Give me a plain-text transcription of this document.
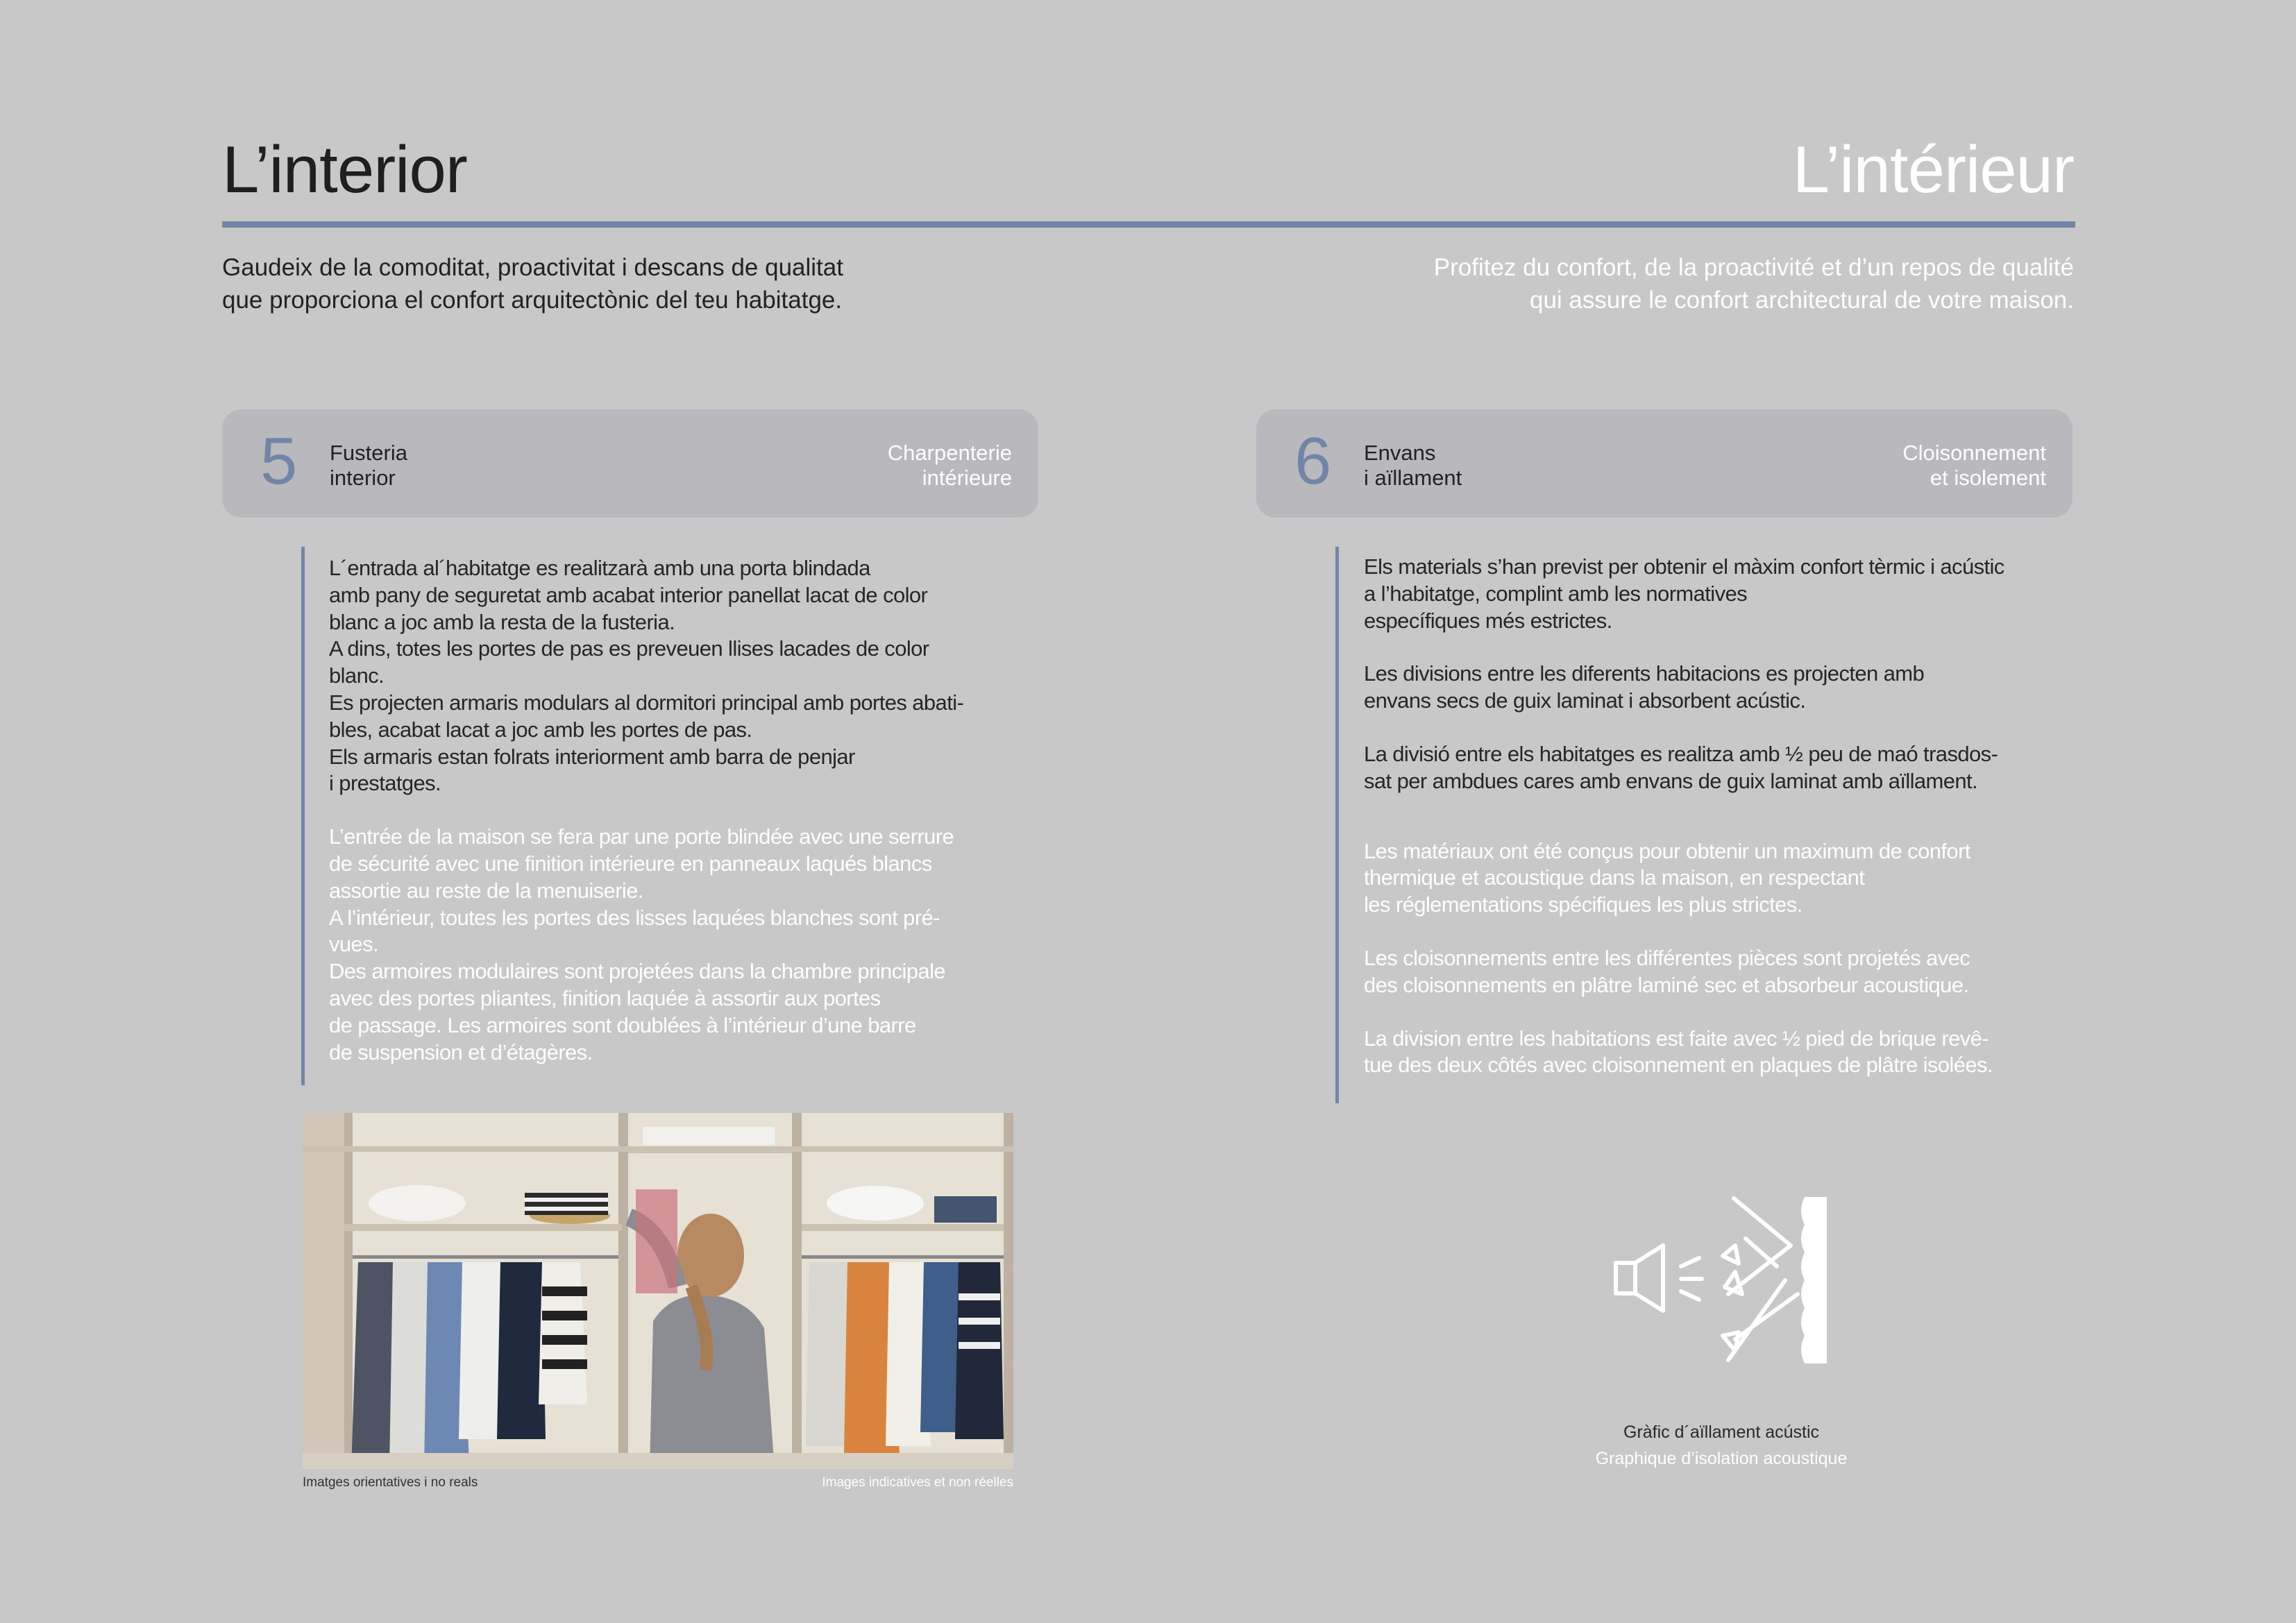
L’interior	L’intérieur
Gaudeix de la comoditat, proactivitat i descans de qualitat
que proporciona el confort arquitectònic del teu habitatge.
Profitez du confort, de la proactivité et d’un repos de qualité
qui assure le confort architectural de votre maison.
5 Fusteria
interior
Charpenterie
intérieure	6 Envans
i aïllament
Cloisonnement
et isolement

L´entrada al´habitatge es realitzarà amb una porta blindada
amb pany de seguretat amb acabat interior panellat lacat de color
blanc a joc amb la resta de la fusteria.
A dins, totes les portes de pas es preveuen llises lacades de color
blanc.
Es projecten armaris modulars al dormitori principal amb portes abati-
bles, acabat lacat a joc amb les portes de pas.
Els armaris estan folrats interiorment amb barra de penjar
i prestatges.

L’entrée de la maison se fera par une porte blindée avec une serrure
de sécurité avec une finition intérieure en panneaux laqués blancs
assortie au reste de la menuiserie.
A l’intérieur, toutes les portes des lisses laquées blanches sont pré-
vues.
Des armoires modulaires sont projetées dans la chambre principale
avec des portes pliantes, finition laquée à assortir aux portes
de passage. Les armoires sont doublées à l’intérieur d’une barre
de suspension et d’étagères.

Imatges orientatives i no reals	Images indicatives et non réelles

Els materials s’han previst per obtenir el màxim confort tèrmic i acústic
a l’habitatge, complint amb les normatives
específiques més estrictes.

Les divisions entre les diferents habitacions es projecten amb
envans secs de guix laminat i absorbent acústic.

La divisió entre els habitatges es realitza amb ½ peu de maó trasdos-
sat per ambdues cares amb envans de guix laminat amb aïllament.

Les matériaux ont été conçus pour obtenir un maximum de confort
thermique et acoustique dans la maison, en respectant
les réglementations spécifiques les plus strictes.

Les cloisonnements entre les différentes pièces sont projetés avec
des cloisonnements en plâtre laminé sec et absorbeur acoustique.

La division entre les habitations est faite avec ½ pied de brique revê-
tue des deux côtés avec cloisonnement en plaques de plâtre isolées.

Gràfic d´aïllament acústic
Graphique d’isolation acoustique
